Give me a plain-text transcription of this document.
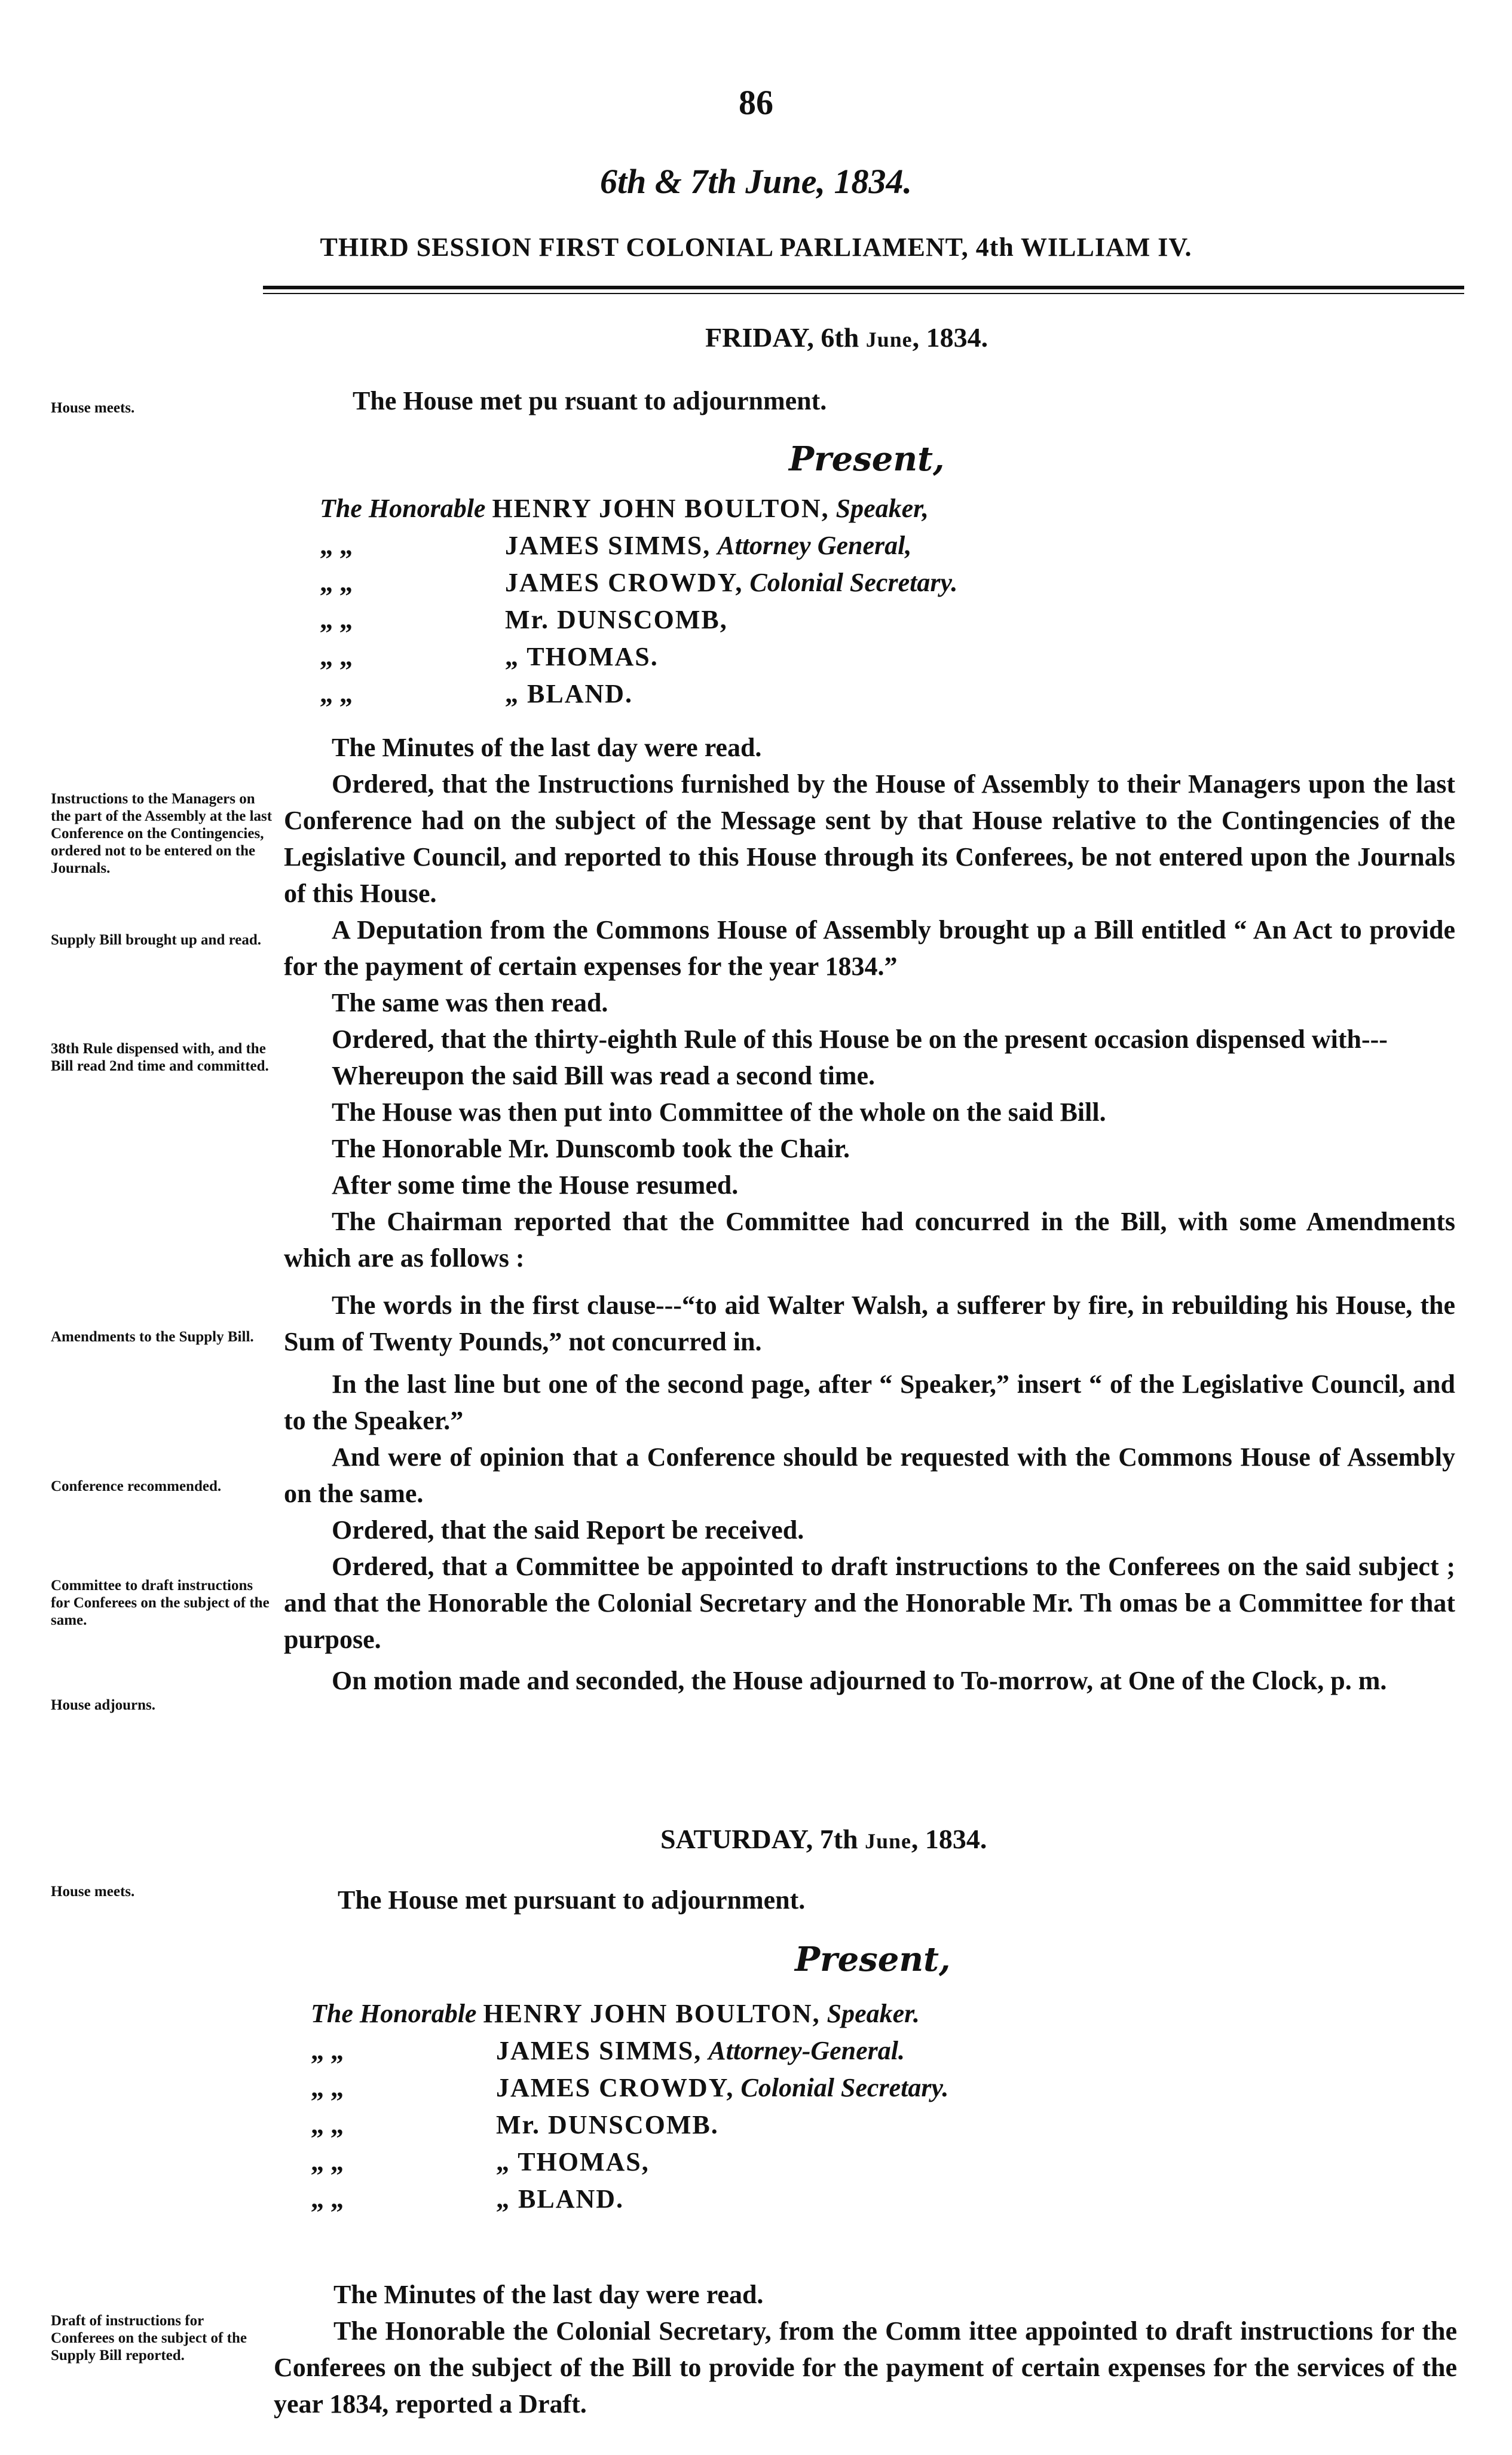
86
6th & 7th June, 1834.
THIRD SESSION FIRST COLONIAL PARLIAMENT, 4th WILLIAM IV.
FRIDAY, 6th June, 1834.
House meets.	The House met pu rsuant to adjournment.
Present,
The Honorable HENRY JOHN BOULTON, Speaker,
„ „	JAMES SIMMS, Attorney General,
„ „	JAMES CROWDY, Colonial Secretary.
„ „	Mr. DUNSCOMB,
„ „	„ THOMAS.
„ „	„ BLAND.
Instructions to the Managers on the part of the Assembly at the last Conference on the Contingencies, ordered not to be entered on the Journals.
Supply Bill brought up and read.
38th Rule dispensed with, and the Bill read 2nd time and committed.
Amendments to the Supply Bill.
Conference recommended.
Committee to draft instructions for Conferees on the subject of the same.
House adjourns.
The Minutes of the last day were read.
Ordered, that the Instructions furnished by the House of Assembly to their Managers upon the last Conference had on the subject of the Message sent by that House relative to the Contingencies of the Legislative Council, and reported to this House through its Conferees, be not entered upon the Journals of this House.
A Deputation from the Commons House of Assembly brought up a Bill entitled “ An Act to provide for the payment of certain expenses for the year 1834.”
The same was then read.
Ordered, that the thirty-eighth Rule of this House be on the present occasion dispensed with---
Whereupon the said Bill was read a second time.
The House was then put into Committee of the whole on the said Bill.
The Honorable Mr. Dunscomb took the Chair.
After some time the House resumed.
The Chairman reported that the Committee had concurred in the Bill, with some Amendments which are as follows :
The words in the first clause---“to aid Walter Walsh, a sufferer by fire, in rebuilding his House, the Sum of Twenty Pounds,” not concurred in.
In the last line but one of the second page, after “ Speaker,” insert “ of the Legislative Council, and to the Speaker.”
And were of opinion that a Conference should be requested with the Commons House of Assembly on the same.
Ordered, that the said Report be received.
Ordered, that a Committee be appointed to draft instructions to the Conferees on the said subject ; and that the Honorable the Colonial Secretary and the Honorable Mr. Th omas be a Committee for that purpose.
On motion made and seconded, the House adjourned to To-morrow, at One of the Clock, p. m.
SATURDAY, 7th June, 1834.
House meets.	The House met pursuant to adjournment.
Present,
The Honorable HENRY JOHN BOULTON, Speaker.
„ „	JAMES SIMMS, Attorney-General.
„ „	JAMES CROWDY, Colonial Secretary.
„ „	Mr. DUNSCOMB.
„ „	„ THOMAS,
„ „	„ BLAND.
Draft of instructions for Conferees on the subject of the Supply Bill reported.
The Minutes of the last day were read.
The Honorable the Colonial Secretary, from the Comm ittee appointed to draft instructions for the Conferees on the subject of the Bill to provide for the payment of certain expenses for the services of the year 1834, reported a Draft.
